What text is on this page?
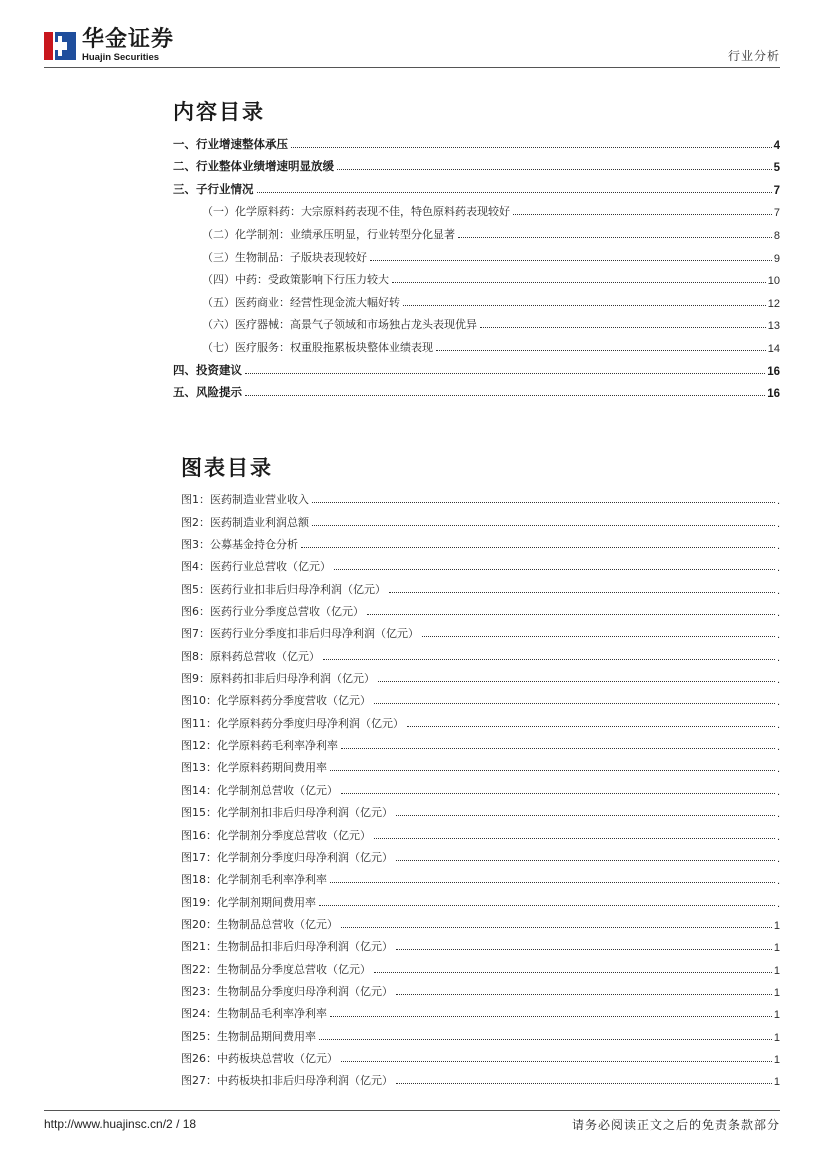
华金证券
Huajin Securities	行业分析
内容目录
一、行业增速整体承压	4
二、行业整体业绩增速明显放缓	5
三、子行业情况	7
（一）化学原料药：大宗原料药表现不佳，特色原料药表现较好	7
（二）化学制剂：业绩承压明显，行业转型分化显著	8
（三）生物制品：子版块表现较好	9
（四）中药：受政策影响下行压力较大	10
（五）医药商业：经营性现金流大幅好转	12
（六）医疗器械：高景气子领域和市场独占龙头表现优异	13
（七）医疗服务：权重股拖累板块整体业绩表现	14
四、投资建议	16
五、风险提示	16
图表目录
图1：医药制造业营业收入	.
图2：医药制造业利润总额	.
图3：公募基金持仓分析	.
图4：医药行业总营收（亿元）	.
图5：医药行业扣非后归母净利润（亿元）	.
图6：医药行业分季度总营收（亿元）	.
图7：医药行业分季度扣非后归母净利润（亿元）	.
图8：原料药总营收（亿元）	.
图9：原料药扣非后归母净利润（亿元）	.
图10：化学原料药分季度营收（亿元）	.
图11：化学原料药分季度归母净利润（亿元）	.
图12：化学原料药毛利率净利率	.
图13：化学原料药期间费用率	.
图14：化学制剂总营收（亿元）	.
图15：化学制剂扣非后归母净利润（亿元）	.
图16：化学制剂分季度总营收（亿元）	.
图17：化学制剂分季度归母净利润（亿元）	.
图18：化学制剂毛利率净利率	.
图19：化学制剂期间费用率	.
图20：生物制品总营收（亿元）	1
图21：生物制品扣非后归母净利润（亿元）	1
图22：生物制品分季度总营收（亿元）	1
图23：生物制品分季度归母净利润（亿元）	1
图24：生物制品毛利率净利率	1
图25：生物制品期间费用率	1
图26：中药板块总营收（亿元）	1
图27：中药板块扣非后归母净利润（亿元）	1
http://www.huajinsc.cn/2 / 18	请务必阅读正文之后的免责条款部分
